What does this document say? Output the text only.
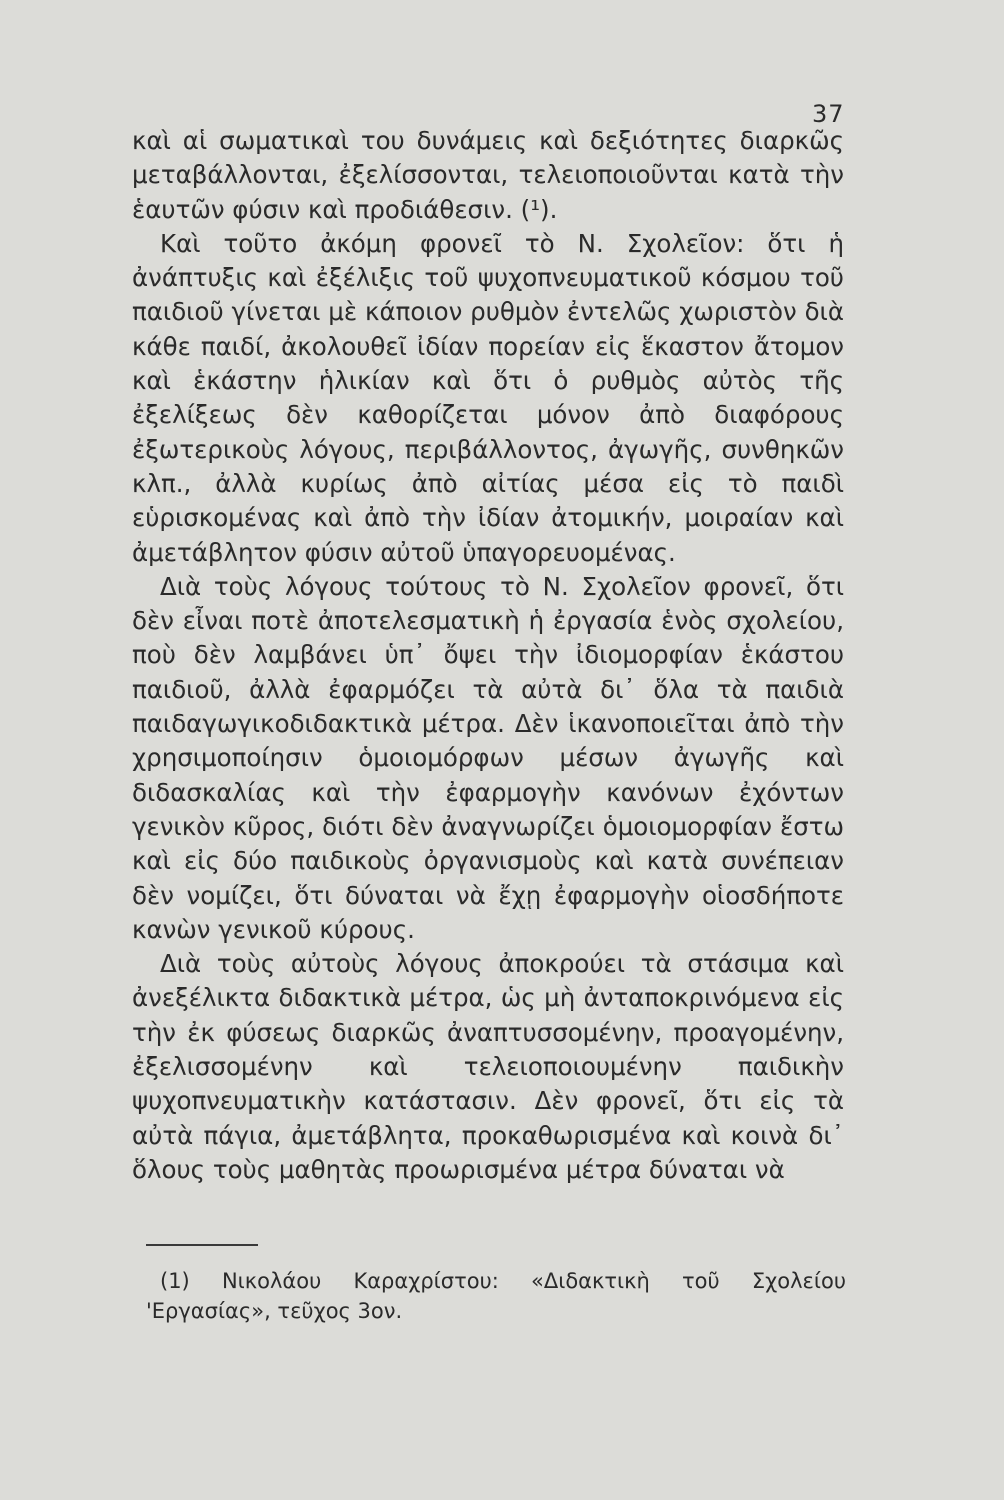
37

καὶ αἱ σωματικαὶ του δυνάμεις καὶ δεξιότητες διαρκῶς μεταβάλλονται, ἐξελίσσονται, τελειοποιοῦνται κατὰ τὴν ἑαυτῶν φύσιν καὶ προδιάθεσιν. (¹).

Καὶ τοῦτο ἀκόμη φρονεῖ τὸ Ν. Σχολεῖον: ὅτι ἡ ἀνάπτυξις καὶ ἐξέλιξις τοῦ ψυχοπνευματικοῦ κόσμου τοῦ παιδιοῦ γίνεται μὲ κάποιον ρυθμὸν ἐντελῶς χωριστὸν διὰ κάθε παιδί, ἀκολουθεῖ ἰδίαν πορείαν εἰς ἕκαστον ἄτομον καὶ ἑκάστην ἡλικίαν καὶ ὅτι ὁ ρυθμὸς αὐτὸς τῆς ἐξελίξεως δὲν καθορίζεται μόνον ἀπὸ διαφόρους ἐξωτερικοὺς λόγους, περιβάλλοντος, ἀγωγῆς, συνθηκῶν κλπ., ἀλλὰ κυρίως ἀπὸ αἰτίας μέσα εἰς τὸ παιδὶ εὑρισκομένας καὶ ἀπὸ τὴν ἰδίαν ἀτομικήν, μοιραίαν καὶ ἀμετάβλητον φύσιν αὐτοῦ ὑπαγορευομένας.

Διὰ τοὺς λόγους τούτους τὸ Ν. Σχολεῖον φρονεῖ, ὅτι δὲν εἶναι ποτὲ ἀποτελεσματικὴ ἡ ἐργασία ἑνὸς σχολείου, ποὺ δὲν λαμβάνει ὑπ᾽ ὄψει τὴν ἰδιομορφίαν ἑκάστου παιδιοῦ, ἀλλὰ ἐφαρμόζει τὰ αὐτὰ δι᾽ ὅλα τὰ παιδιὰ παιδαγωγικοδιδακτικὰ μέτρα. Δὲν ἱκανοποιεῖται ἀπὸ τὴν χρησιμοποίησιν ὁμοιομόρφων μέσων ἀγωγῆς καὶ διδασκαλίας καὶ τὴν ἐφαρμογὴν κανόνων ἐχόντων γενικὸν κῦρος, διότι δὲν ἀναγνωρίζει ὁμοιομορφίαν ἔστω καὶ εἰς δύο παιδικοὺς ὀργανισμοὺς καὶ κατὰ συνέπειαν δὲν νομίζει, ὅτι δύναται νὰ ἔχῃ ἐφαρμογὴν οἱοσδήποτε κανὼν γενικοῦ κύρους.

Διὰ τοὺς αὐτοὺς λόγους ἀποκρούει τὰ στάσιμα καὶ ἀνεξέλικτα διδακτικὰ μέτρα, ὡς μὴ ἀνταποκρινόμενα εἰς τὴν ἐκ φύσεως διαρκῶς ἀναπτυσσομένην, προαγομένην, ἐξελισσομένην καὶ τελειοποιουμένην παιδικὴν ψυχοπνευματικὴν κατάστασιν. Δὲν φρονεῖ, ὅτι εἰς τὰ αὐτὰ πάγια, ἀμετάβλητα, προκαθωρισμένα καὶ κοινὰ δι᾽ ὅλους τοὺς μαθητὰς προωρισμένα μέτρα δύναται νὰ

(1) Νικολάου Καραχρίστου: «Διδακτικὴ τοῦ Σχολείου 'Εργασίας», τεῦχος 3ον.
